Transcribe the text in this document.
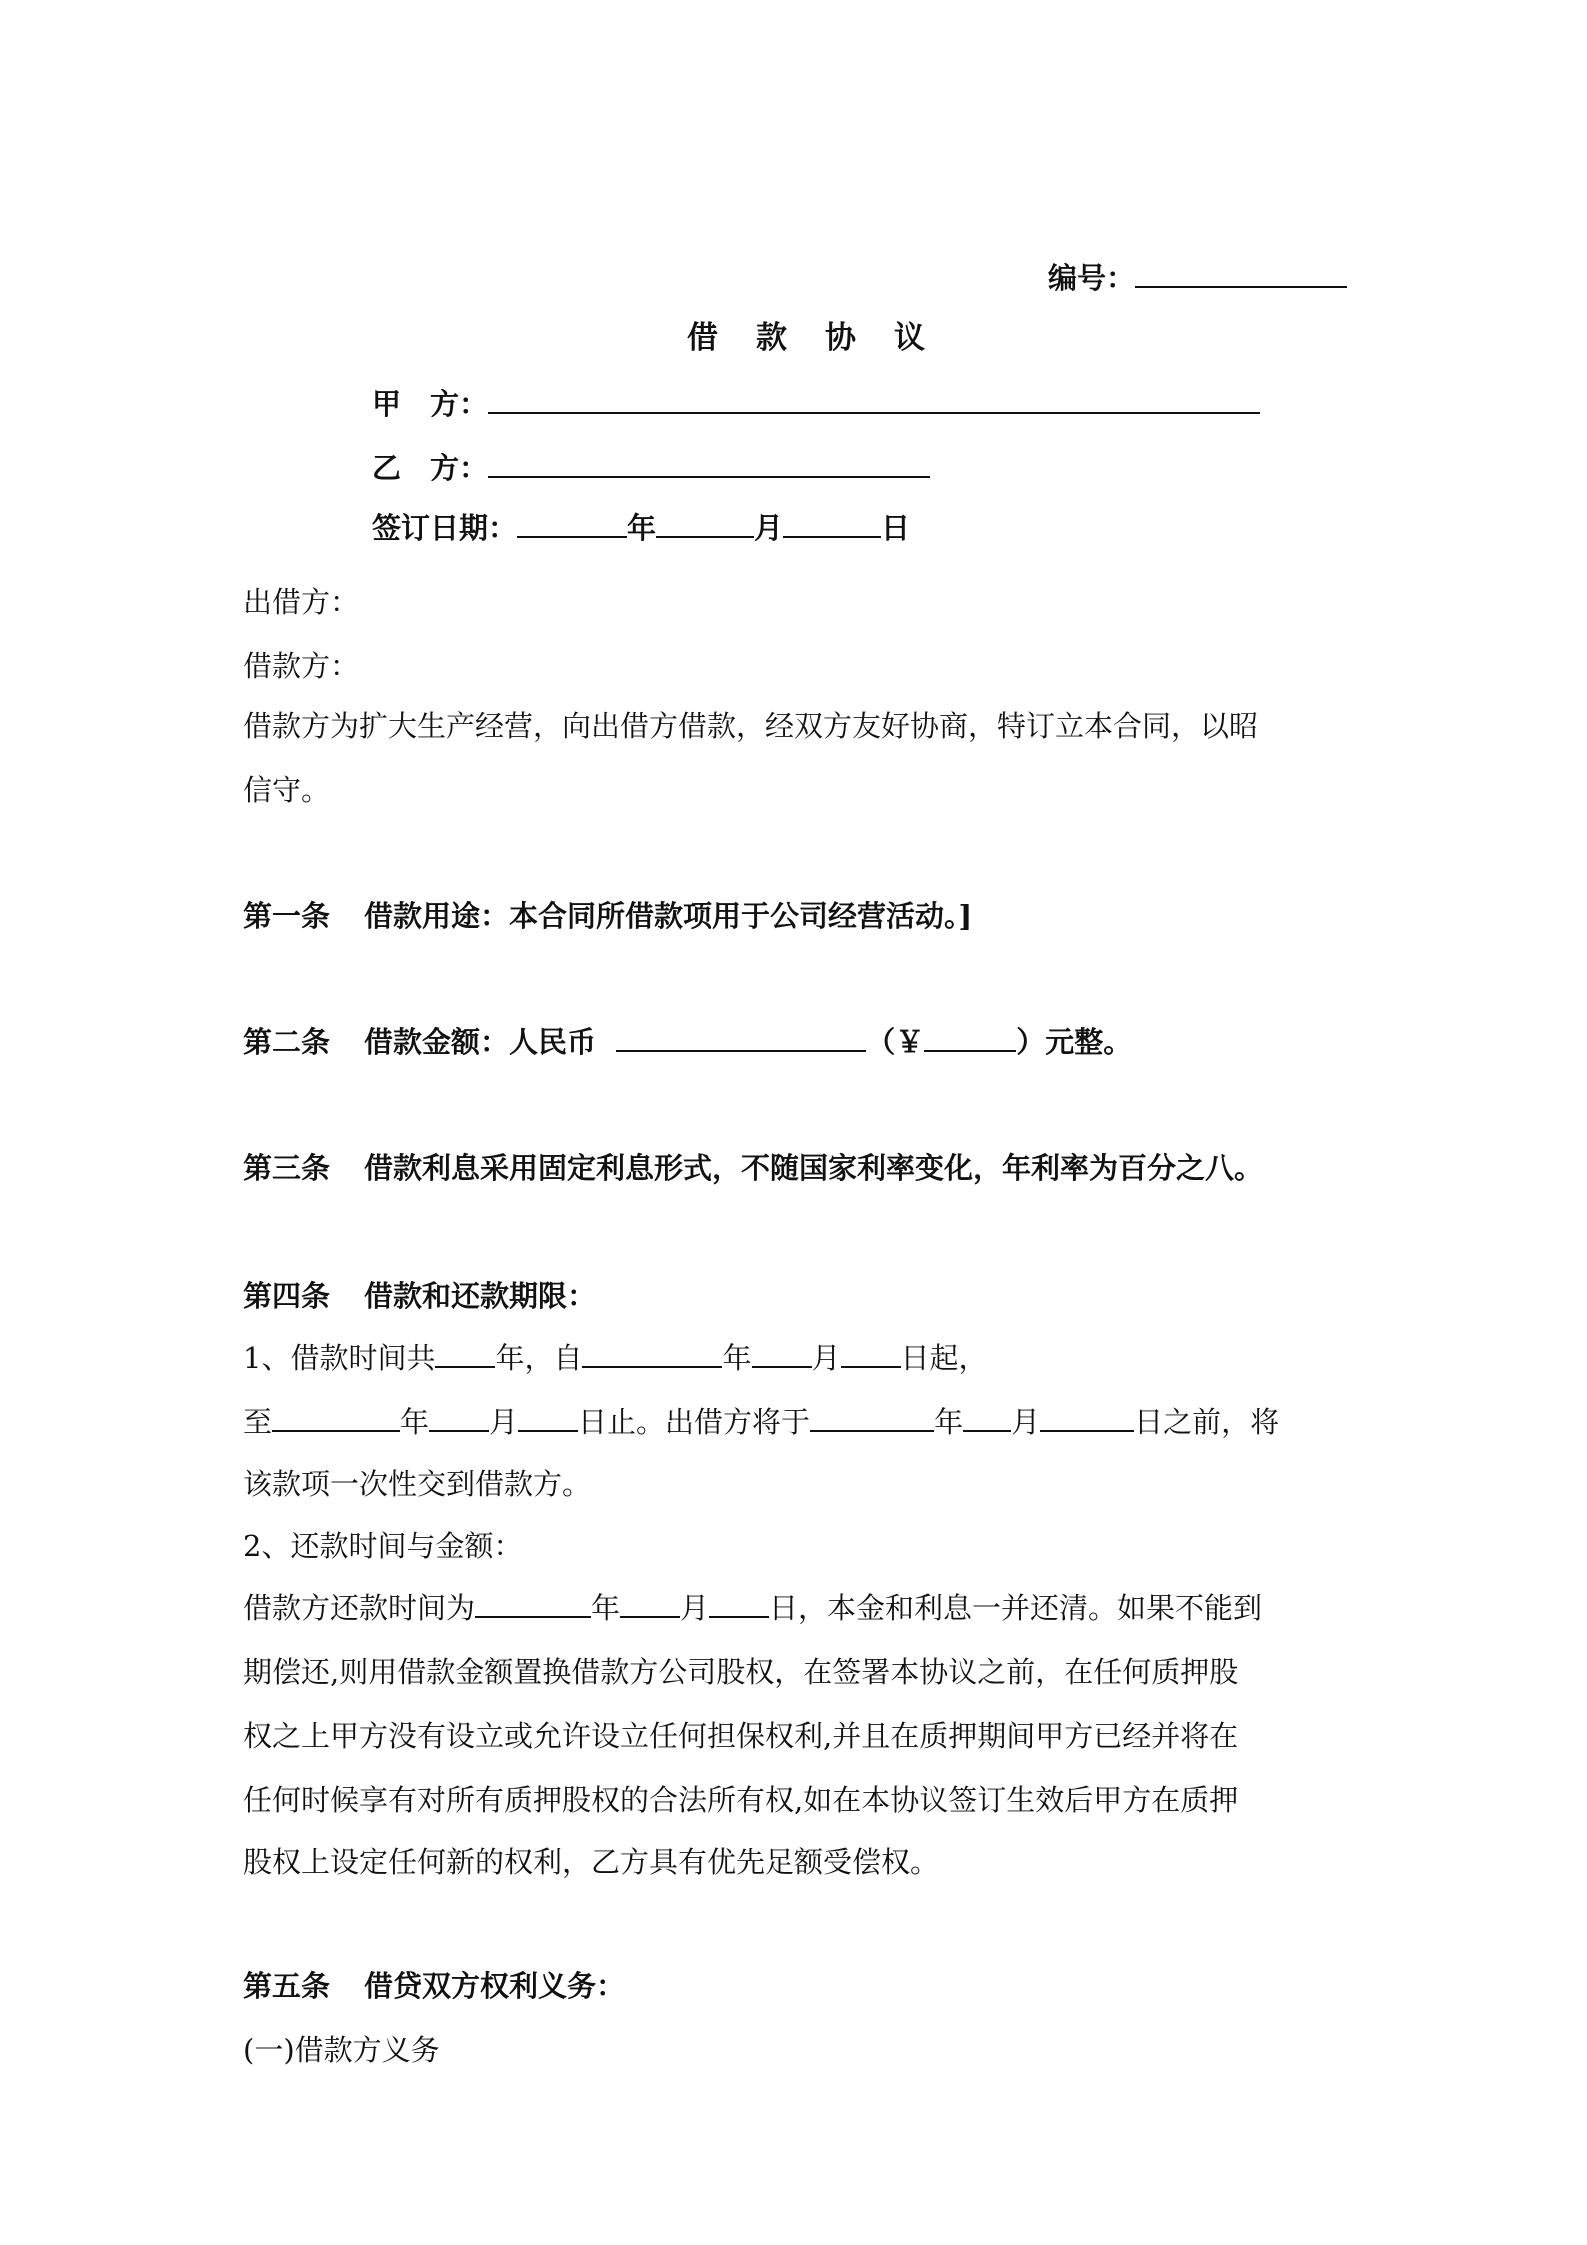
编号：
借 款 协 议
甲　方：
乙　方：
签订日期：	年	月	日
出借方：
借款方：
借款方为扩大生产经营，向出借方借款，经双方友好协商，特订立本合同，以昭
信守。
第一条 借款用途：本合同所借款项用于公司经营活动。]
第二条 借款金额：人民币	（￥	）元整。
第三条 借款利息采用固定利息形式，不随国家利率变化，年利率为百分之八。
第四条 借款和还款期限：
1、借款时间共 年，自	年 月 日起，
至	年 月 日止。出借方将于	年 月	日之前，将
该款项一次性交到借款方。
2、还款时间与金额：
借款方还款时间为	年 月 日，本金和利息一并还清。如果不能到
期偿还,则用借款金额置换借款方公司股权，在签署本协议之前，在任何质押股
权之上甲方没有设立或允许设立任何担保权利,并且在质押期间甲方已经并将在
任何时候享有对所有质押股权的合法所有权,如在本协议签订生效后甲方在质押
股权上设定任何新的权利，乙方具有优先足额受偿权。
第五条 借贷双方权利义务：
(一)借款方义务
